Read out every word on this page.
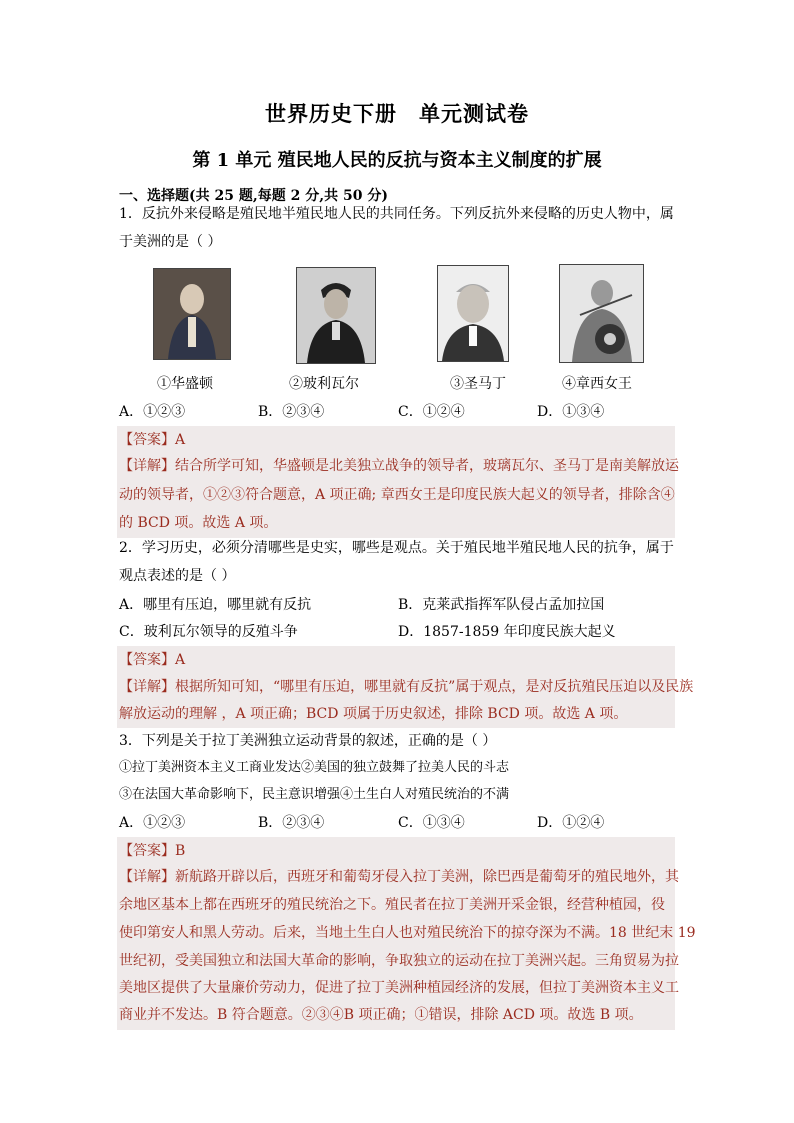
世界历史下册　单元测试卷
第 1 单元 殖民地人民的反抗与资本主义制度的扩展
一、选择题(共 25 题,每题 2 分,共 50 分)
1．反抗外来侵略是殖民地半殖民地人民的共同任务。下列反抗外来侵略的历史人物中，属
于美洲的是（ ）
①华盛顿	②玻利瓦尔	③圣马丁	④章西女王
A．①②③	B．②③④	C．①②④	D．①③④
【答案】A
【详解】结合所学可知，华盛顿是北美独立战争的领导者，玻璃瓦尔、圣马丁是南美解放运
动的领导者，①②③符合题意，A 项正确; 章西女王是印度民族大起义的领导者，排除含④
的 BCD 项。故选 A 项。
2．学习历史，必须分清哪些是史实，哪些是观点。关于殖民地半殖民地人民的抗争，属于
观点表述的是（ ）
A．哪里有压迫，哪里就有反抗	B．克莱武指挥军队侵占孟加拉国
C．玻利瓦尔领导的反殖斗争	D．1857-1859 年印度民族大起义
【答案】A
【详解】根据所知可知，“哪里有压迫，哪里就有反抗”属于观点，是对反抗殖民压迫以及民族
解放运动的理解 ，A 项正确；BCD 项属于历史叙述，排除 BCD 项。故选 A 项。
3．下列是关于拉丁美洲独立运动背景的叙述，正确的是（ ）
①拉丁美洲资本主义工商业发达②美国的独立鼓舞了拉美人民的斗志
③在法国大革命影响下，民主意识增强④土生白人对殖民统治的不满
A．①②③	B．②③④	C．①③④	D．①②④
【答案】B
【详解】新航路开辟以后，西班牙和葡萄牙侵入拉丁美洲，除巴西是葡萄牙的殖民地外，其
余地区基本上都在西班牙的殖民统治之下。殖民者在拉丁美洲开采金银，经营种植园，役
使印第安人和黑人劳动。后来，当地土生白人也对殖民统治下的掠夺深为不满。18 世纪末 19
世纪初，受美国独立和法国大革命的影响，争取独立的运动在拉丁美洲兴起。三角贸易为拉
美地区提供了大量廉价劳动力，促进了拉丁美洲种植园经济的发展，但拉丁美洲资本主义工
商业并不发达。B 符合题意。②③④B 项正确；①错误，排除 ACD 项。故选 B 项。
